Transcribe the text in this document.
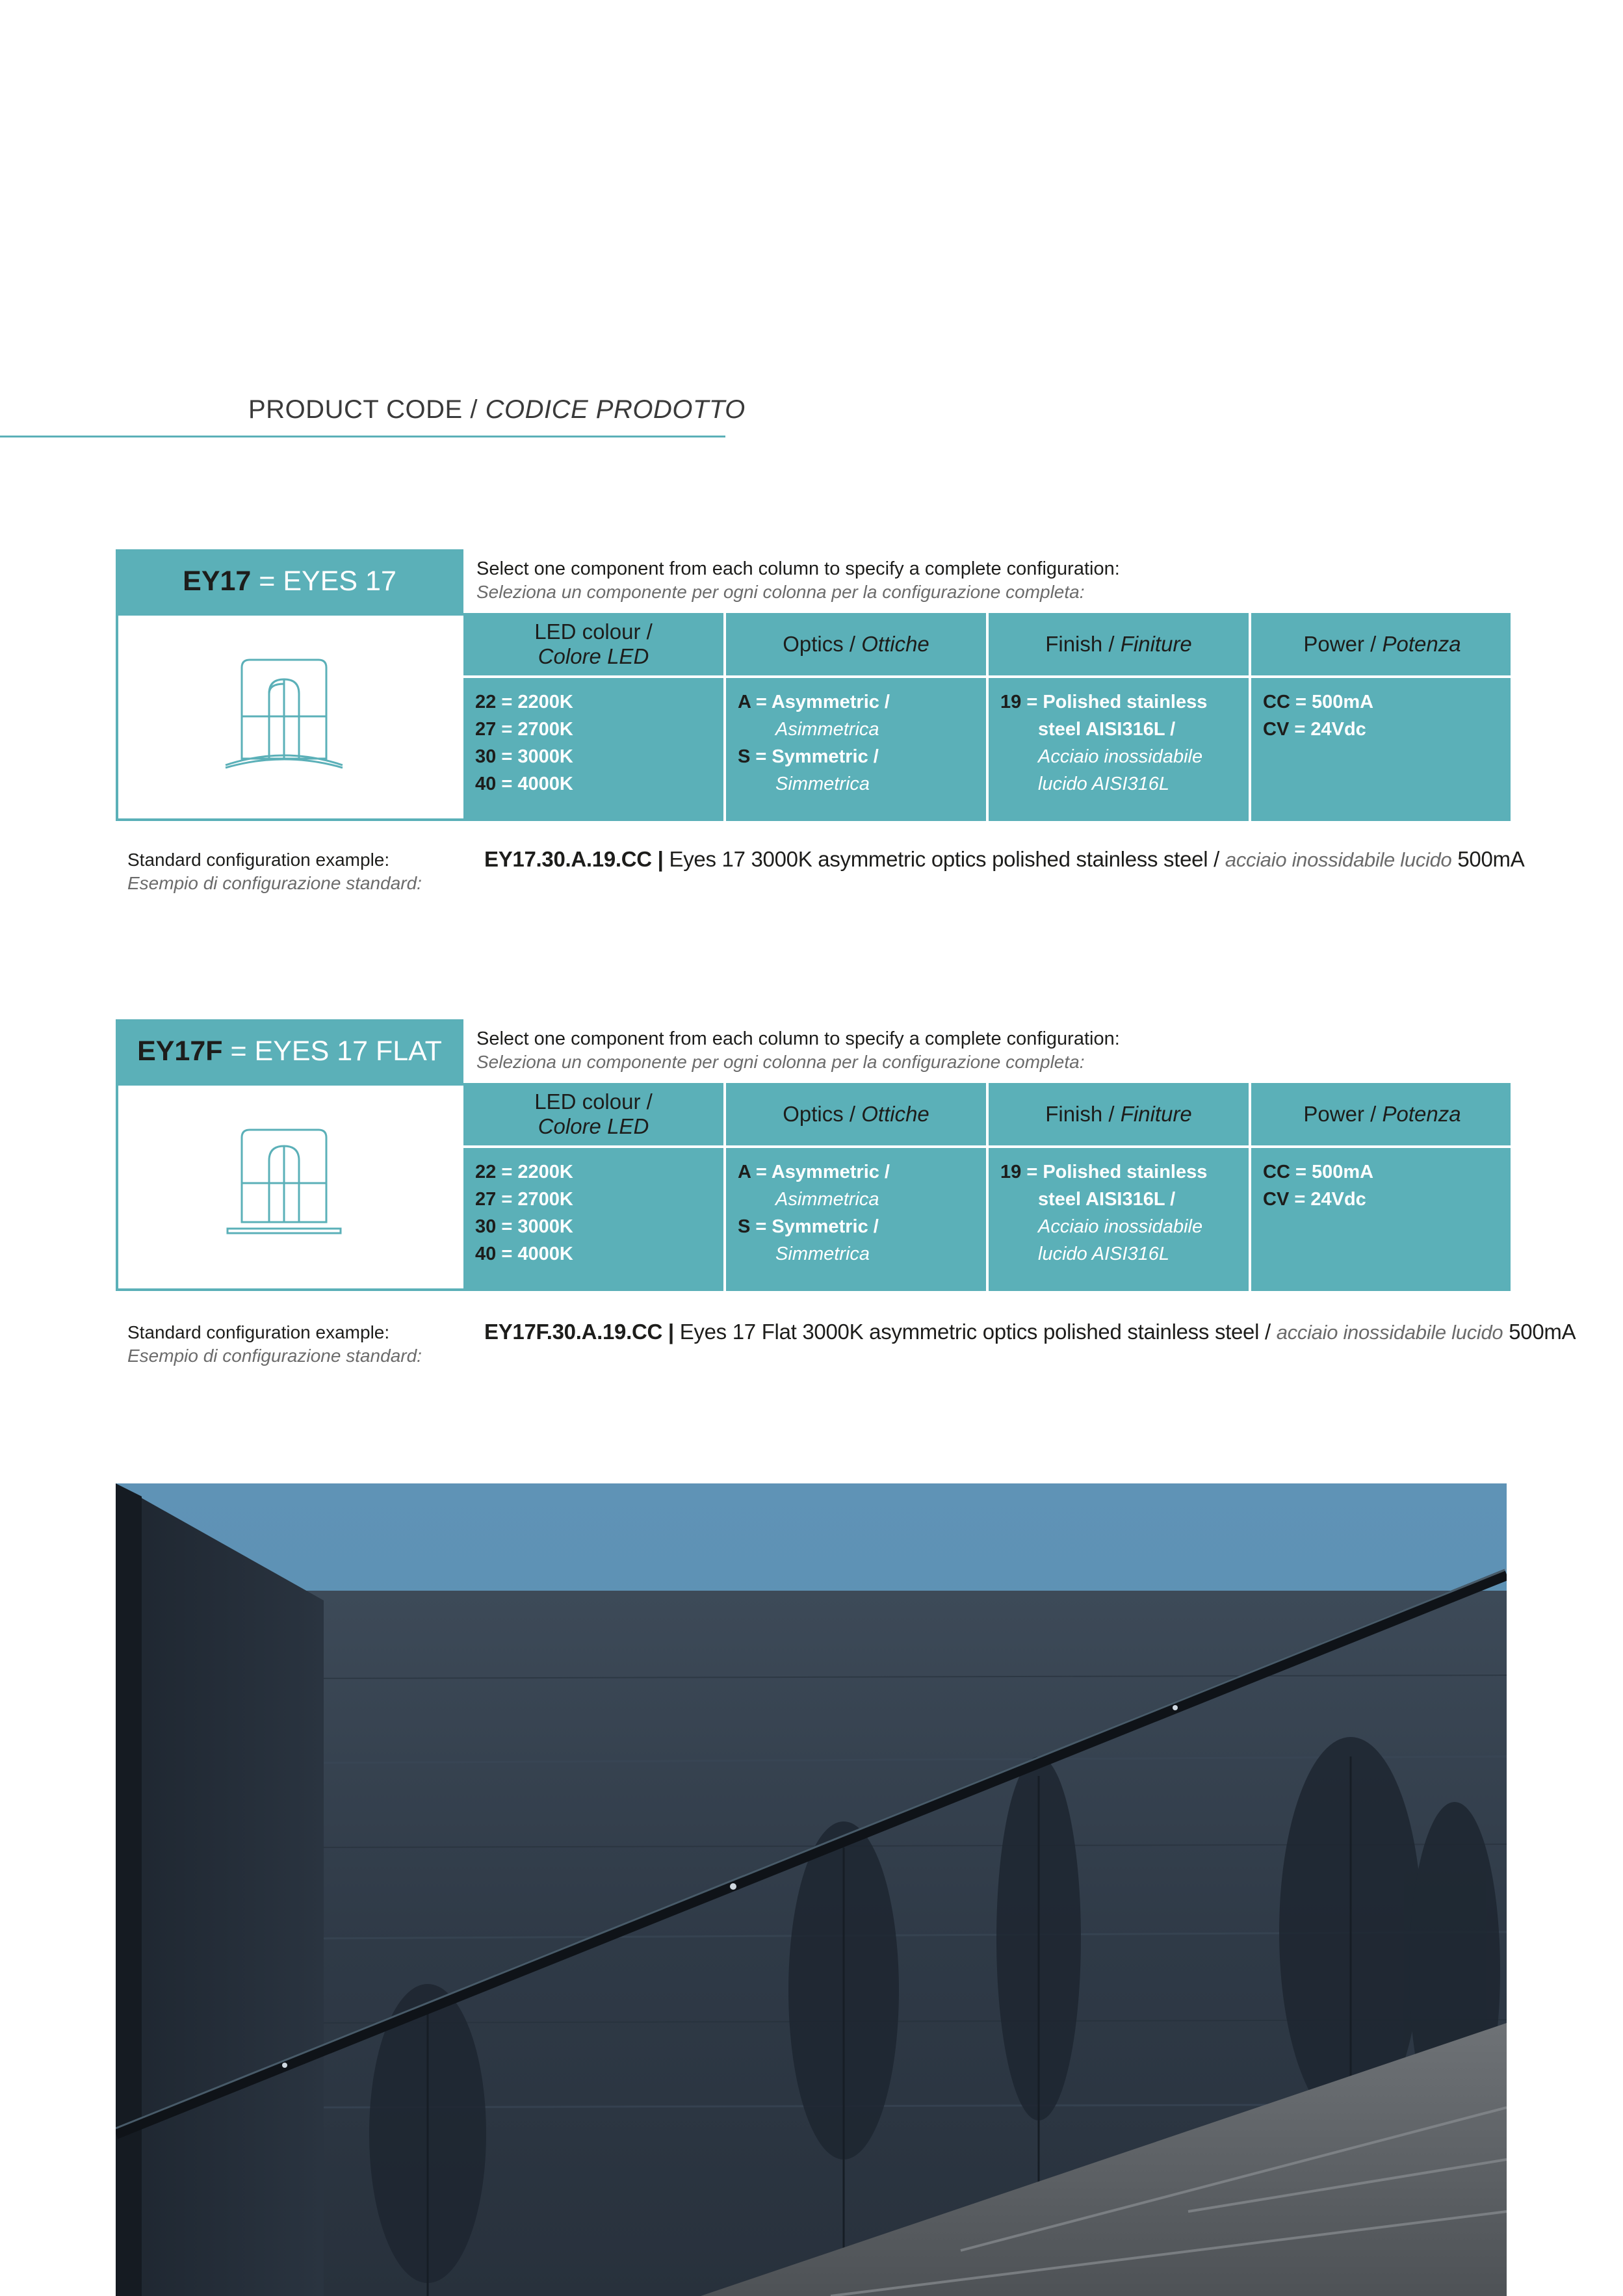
PRODUCT CODE / CODICE PRODOTTO
EY17
= EYES 17	Select one component from each column to specify a complete configuration:
Seleziona un componente per ogni colonna per la configurazione completa:
LED colour /
Colore LED
22 = 2200K
27 = 2700K
30 = 3000K
40 = 4000K
Optics / Ottiche
A = Asymmetric /
Asimmetrica
S = Symmetric /
Simmetrica
Finish / Finiture
19 = Polished stainless
steel AISI316L /
Acciaio inossidabile
lucido AISI316L
Power / Potenza
CC = 500mA
CV = 24Vdc
Standard configuration example:
Esempio di configurazione standard:
EY17.30.A.19.CC | Eyes 17 3000K asymmetric optics polished stainless steel / acciaio inossidabile lucido 500mA
EY17F
= EYES 17 FLAT Select one component from each column to specify a complete configuration:
Seleziona un componente per ogni colonna per la configurazione completa:
LED colour /
Colore LED
22 = 2200K
27 = 2700K
30 = 3000K
40 = 4000K
Optics / Ottiche
A = Asymmetric /
Asimmetrica
S = Symmetric /
Simmetrica
Finish / Finiture
19 = Polished stainless
steel AISI316L /
Acciaio inossidabile
lucido AISI316L
Power / Potenza
CC = 500mA
CV = 24Vdc
Standard configuration example:
Esempio di configurazione standard:
EY17F.30.A.19.CC | Eyes 17 Flat 3000K asymmetric optics polished stainless steel / acciaio inossidabile lucido 500mA
